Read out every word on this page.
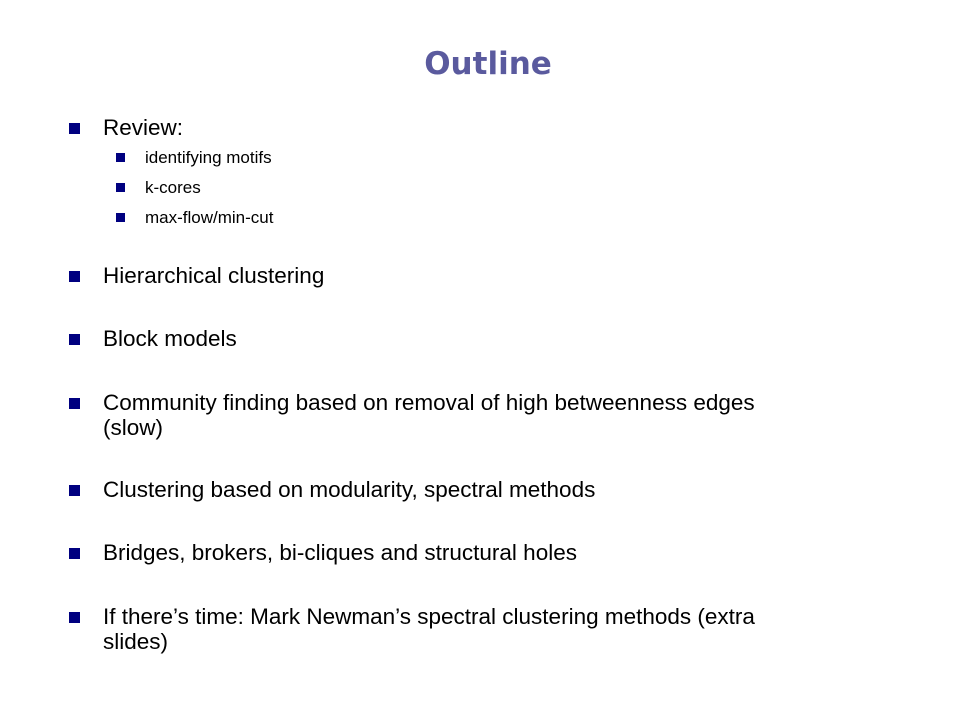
Outline
Review:
identifying motifs
k-cores
max-flow/min-cut
Hierarchical clustering
Block models
Community finding based on removal of high betweenness edges
(slow)
Clustering based on modularity, spectral methods
Bridges, brokers, bi-cliques and structural holes
If there’s time: Mark Newman’s spectral clustering methods (extra
slides)
